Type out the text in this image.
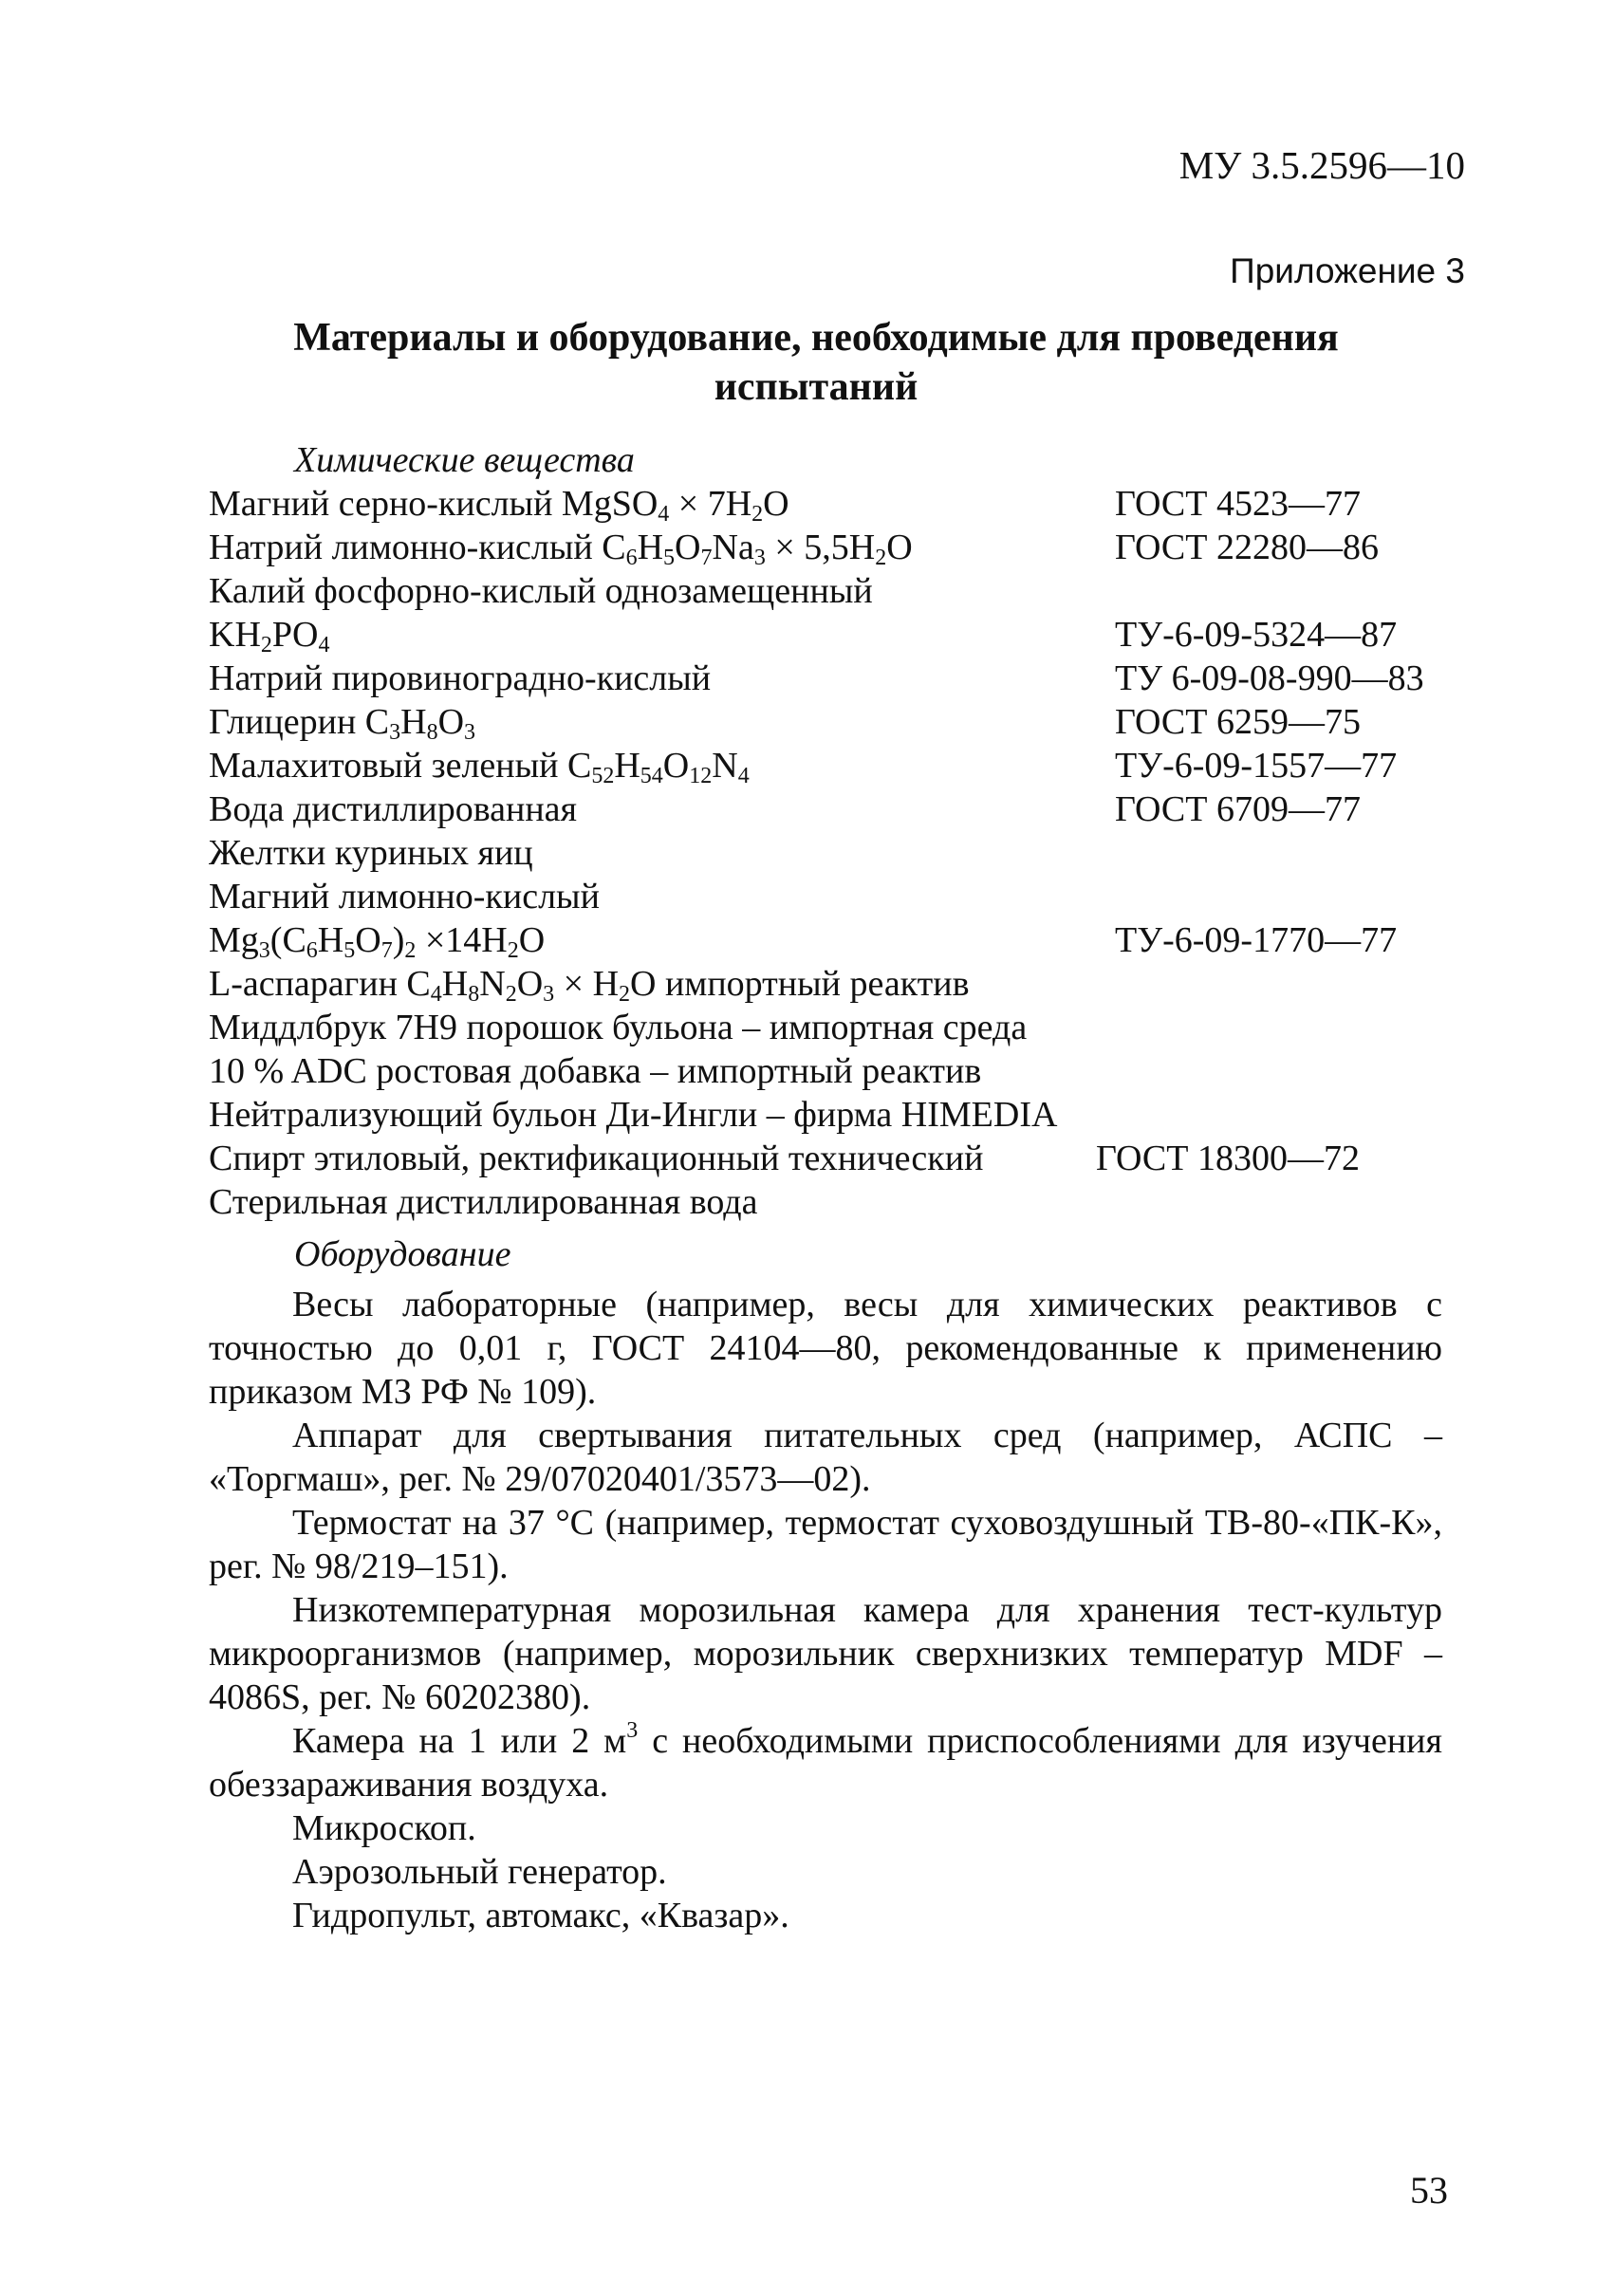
МУ 3.5.2596—10
Приложение 3
Материалы и оборудование, необходимые для проведения
испытаний
Химические вещества
Магний серно-кислый MgSO$_4$ × $7H_2O$	ГОСТ 4523—77
Натрий лимонно-кислый $C_6H_5O_7Na_3 \times 5,5H_2O$	ГОСТ 22280—86
Калий фосфорно-кислый однозамещенный
$KH_2PO_4$	ТУ-6-09-5324—87
Натрий пировиноградно-кислый	ТУ 6-09-08-990—83
Глицерин $C_3H_8O_3$	ГОСТ 6259—75
Малахитовый зеленый $C_{52}H_{54}O_{12}N_4$	ТУ-6-09-1557—77
Вода дистиллированная	ГОСТ 6709—77
Желтки куриных яиц
Магний лимонно-кислый
$Mg_3(C_6H_5O_7)_2 \times 14H_2O$	ТУ-6-09-1770—77
L-аспарагин $C_4H_8N_2O_3 \times H_2O$ импортный реактив
Миддлбрук 7H9 порошок бульона – импортная среда
10 % ADC ростовая добавка – импортный реактив
Нейтрализующий бульон Ди-Ингли – фирма HIMEDIA
Спирт этиловый, ректификационный технический	ГОСТ 18300—72
Стерильная дистиллированная вода
Оборудование

Весы лабораторные (например, весы для химических реактивов с точностью до 0,01 г, ГОСТ 24104—80, рекомендованные к применению приказом МЗ РФ № 109).

Аппарат для свертывания питательных сред (например, АСПС – «Торгмаш», рег. № 29/07020401/3573—02).

Термостат на 37 °С (например, термостат суховоздушный ТВ-80-«ПК-К», рег. № 98/219–151).

Низкотемпературная морозильная камера для хранения тест-культур микроорганизмов (например, морозильник сверхнизких температур MDF – 4086S, рег. № 60202380).

Камера на 1 или 2 $м^3$ с необходимыми приспособлениями для изучения обеззараживания воздуха.

Микроскоп.

Аэрозольный генератор.

Гидропульт, автомакс, «Квазар».

53
